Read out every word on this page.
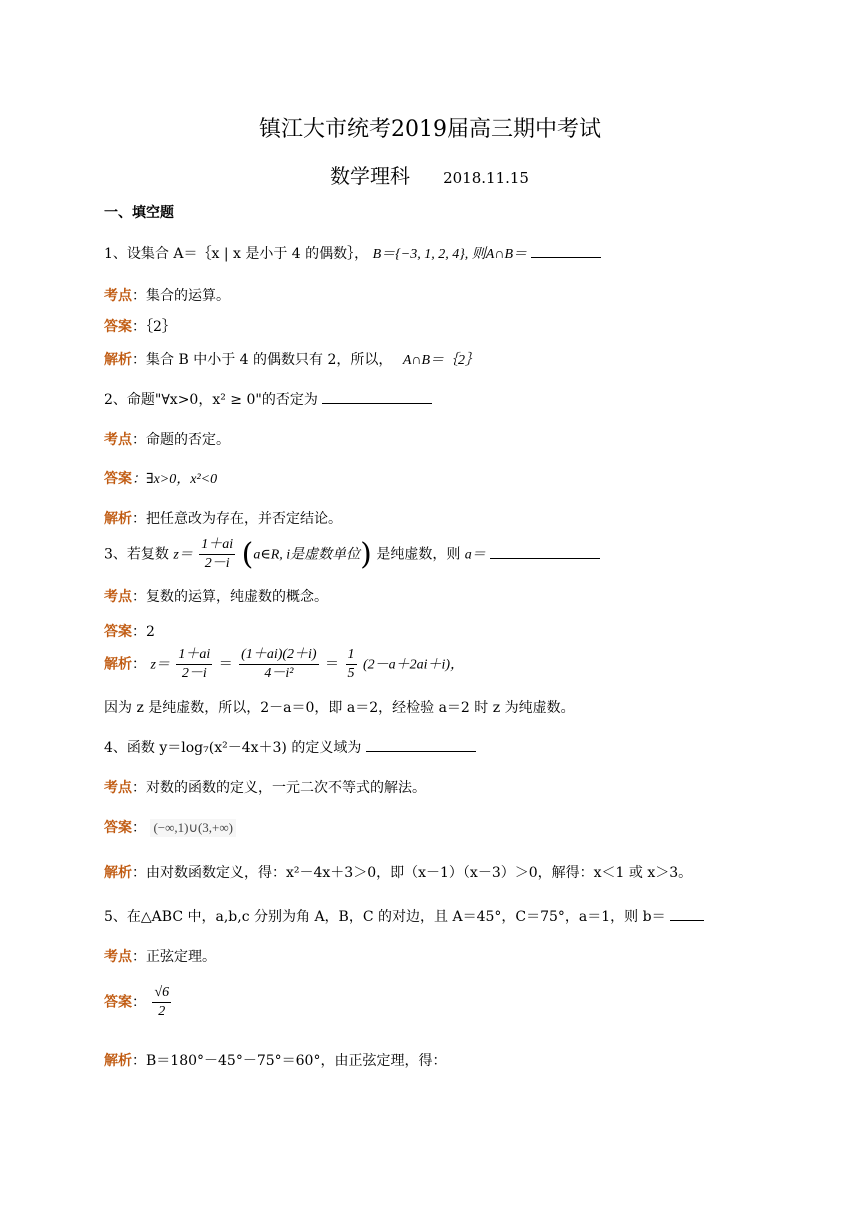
镇江大市统考2019届高三期中考试
数学理科 2018.11.15
一、填空题
1、设集合 A＝｛x | x 是小于 4 的偶数｝， B＝{−3, 1, 2, 4}, 则A∩B＝
考点：集合的运算。
答案：｛2｝
解析：集合 B 中小于 4 的偶数只有 2，所以， A∩B＝｛2｝
2、命题"∀x>0，x² ≥ 0"的否定为
考点：命题的否定。
答案：∃x>0，x²<0
解析：把任意改为存在，并否定结论。
3、若复数 $z= \frac{1+ai}{2-i}$ (a∈R, i是虚数单位) 是纯虚数，则 a＝
考点：复数的运算，纯虚数的概念。
答案：2
解析： $z= \frac{1+ai}{2-i} = \frac{(1+ai)(2+i)}{\text{4－i²}} = \frac{1}{5} (2-a+2ai+i)$，
因为 z 是纯虚数，所以，2－a＝0，即 a＝2，经检验 a＝2 时 z 为纯虚数。
4、函数 y＝log₇(x²－4x＋3) 的定义域为
考点：对数的函数的定义，一元二次不等式的解法。
答案： (−∞,1)∪(3,+∞)
解析：由对数函数定义，得：x²－4x＋3＞0，即（x－1）（x－3）＞0，解得：x＜1 或 x＞3。
5、在△ABC 中，a,b,c 分别为角 A，B，C 的对边，且 A＝45°，C＝75°，a＝1，则 b＝
考点：正弦定理。
答案： $\frac{√6}{2}$
解析：B＝180°－45°－75°＝60°，由正弦定理，得：
